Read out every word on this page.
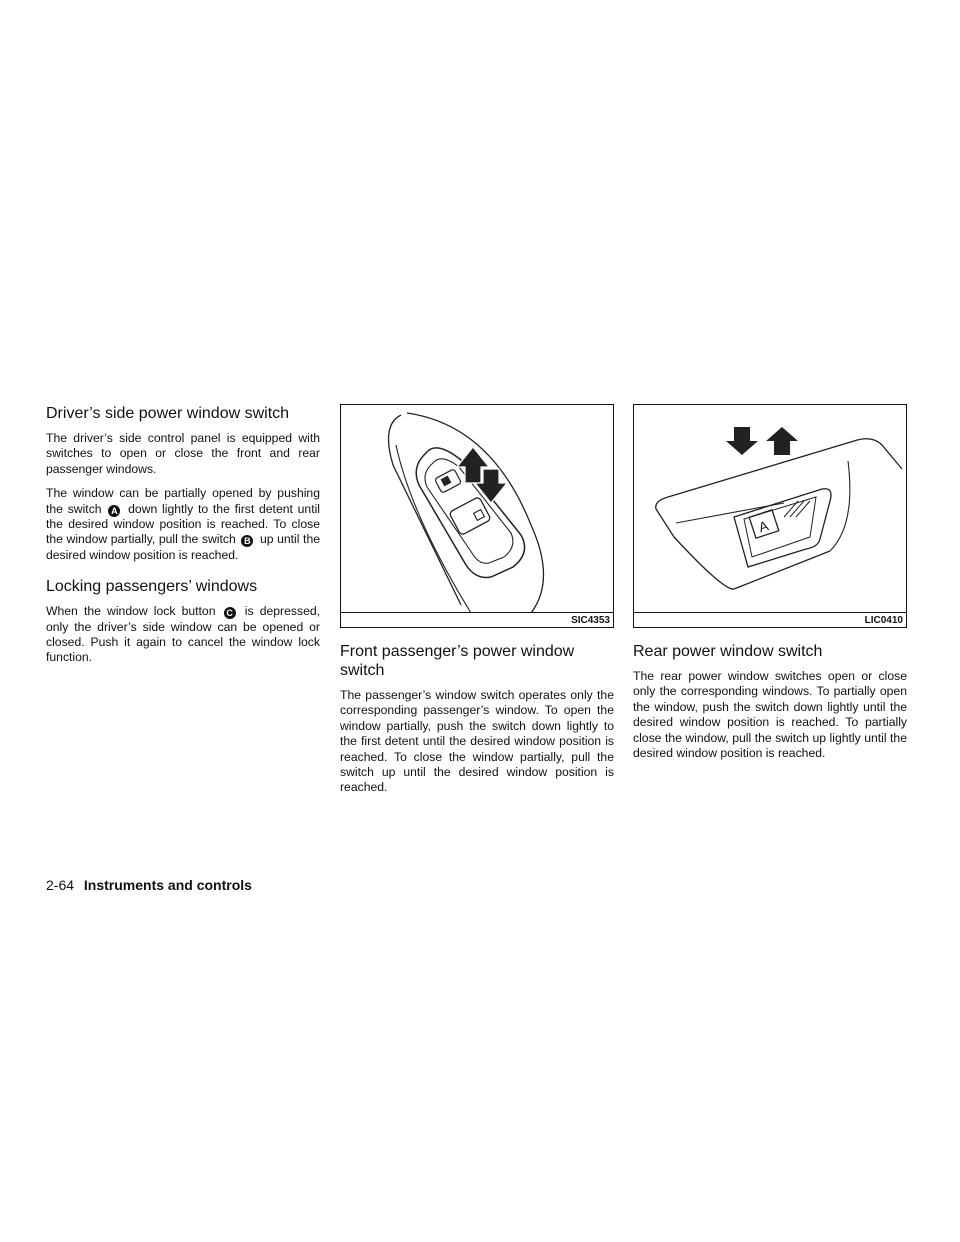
Driver’s side power window switch

The driver’s side control panel is equipped with switches to open or close the front and rear passenger windows.

The window can be partially opened by pushing the switch A down lightly to the first detent until the desired window position is reached. To close the window partially, pull the switch B up until the desired window position is reached.

Locking passengers’ windows

When the window lock button C is depressed, only the driver’s side window can be opened or closed. Push it again to cancel the window lock function.

SIC4353
Front passenger’s power window switch

The passenger’s window switch operates only the corresponding passenger’s window. To open the window partially, push the switch down lightly to the first detent until the desired window position is reached. To close the window partially, pull the switch up until the desired window position is reached.

A
LIC0410
Rear power window switch

The rear power window switches open or close only the corresponding windows. To partially open the window, push the switch down lightly until the desired window position is reached. To partially close the window, pull the switch up lightly until the desired window position is reached.

2-64 Instruments and controls
